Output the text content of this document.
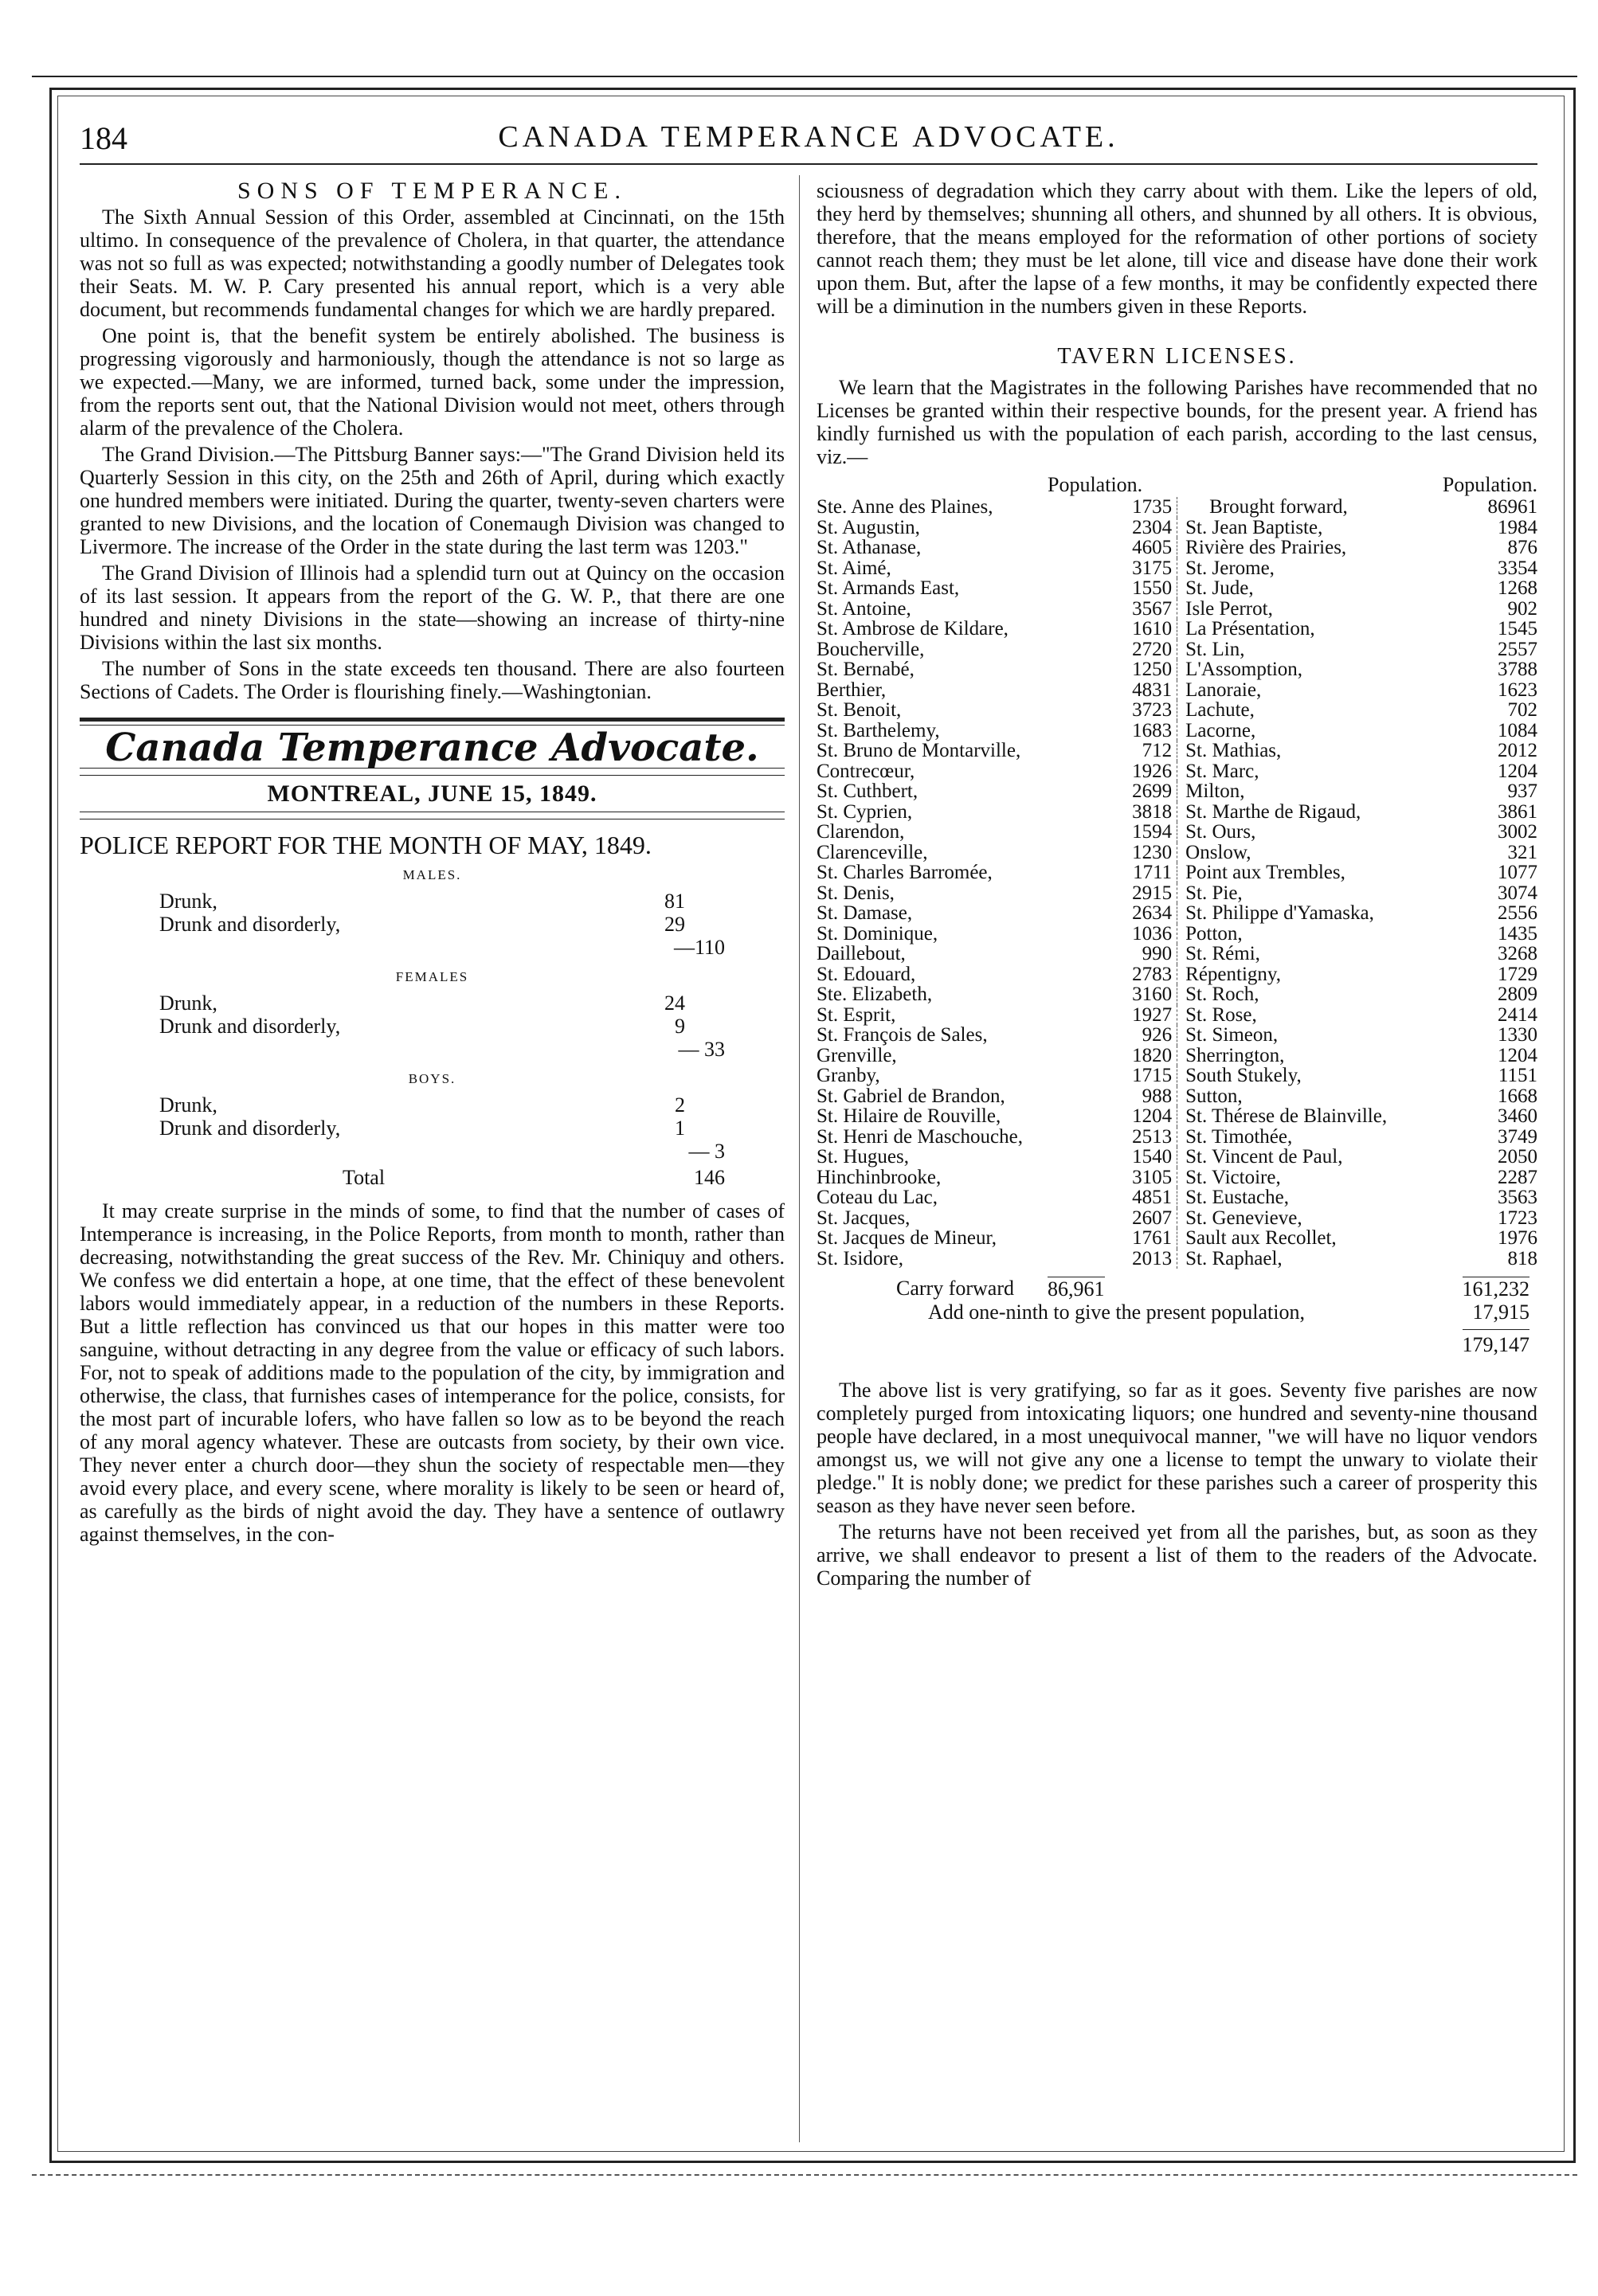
184	CANADA TEMPERANCE ADVOCATE.
SONS OF TEMPERANCE.

The Sixth Annual Session of this Order, assembled at Cincinnati, on the 15th ultimo. In consequence of the prevalence of Cholera, in that quarter, the attendance was not so full as was expected; notwithstanding a goodly number of Delegates took their Seats. M. W. P. Cary presented his annual report, which is a very able document, but recommends fundamental changes for which we are hardly prepared.

One point is, that the benefit system be entirely abolished. The business is progressing vigorously and harmoniously, though the attendance is not so large as we expected.—Many, we are informed, turned back, some under the impression, from the reports sent out, that the National Division would not meet, others through alarm of the prevalence of the Cholera.

The Grand Division.—The Pittsburg Banner says:—"The Grand Division held its Quarterly Session in this city, on the 25th and 26th of April, during which exactly one hundred members were initiated. During the quarter, twenty-seven charters were granted to new Divisions, and the location of Conemaugh Division was changed to Livermore. The increase of the Order in the state during the last term was 1203."

The Grand Division of Illinois had a splendid turn out at Quincy on the occasion of its last session. It appears from the report of the G. W. P., that there are one hundred and ninety Divisions in the state—showing an increase of thirty-nine Divisions within the last six months.

The number of Sons in the state exceeds ten thousand. There are also fourteen Sections of Cadets. The Order is flourishing finely.—Washingtonian.

Canada Temperance Advocate.
MONTREAL, JUNE 15, 1849.
POLICE REPORT FOR THE MONTH OF MAY, 1849.
MALES.
Drunk,	81
Drunk and disorderly,	29
—110
FEMALES
Drunk,	24
Drunk and disorderly,	9
— 33
BOYS.
Drunk,	2
Drunk and disorderly,	1
— 3
Total	146

It may create surprise in the minds of some, to find that the number of cases of Intemperance is increasing, in the Police Reports, from month to month, rather than decreasing, notwithstanding the great success of the Rev. Mr. Chiniquy and others. We confess we did entertain a hope, at one time, that the effect of these benevolent labors would immediately appear, in a reduction of the numbers in these Reports. But a little reflection has convinced us that our hopes in this matter were too sanguine, without detracting in any degree from the value or efficacy of such labors. For, not to speak of additions made to the population of the city, by immigration and otherwise, the class, that furnishes cases of intemperance for the police, consists, for the most part of incurable lofers, who have fallen so low as to be beyond the reach of any moral agency whatever. These are outcasts from society, by their own vice. They never enter a church door—they shun the society of respectable men—they avoid every place, and every scene, where morality is likely to be seen or heard of, as carefully as the birds of night avoid the day. They have a sentence of outlawry against themselves, in the con-

sciousness of degradation which they carry about with them. Like the lepers of old, they herd by themselves; shunning all others, and shunned by all others. It is obvious, therefore, that the means employed for the reformation of other portions of society cannot reach them; they must be let alone, till vice and disease have done their work upon them. But, after the lapse of a few months, it may be confidently expected there will be a diminution in the numbers given in these Reports.

TAVERN LICENSES.

We learn that the Magistrates in the following Parishes have recommended that no Licenses be granted within their respective bounds, for the present year. A friend has kindly furnished us with the population of each parish, according to the last census, viz.—

Population.	Population.
Ste. Anne des Plaines,	1735	Brought forward,	86961
St. Augustin,	2304	St. Jean Baptiste,	1984
St. Athanase,	4605	Rivière des Prairies,	876
St. Aimé,	3175	St. Jerome,	3354
St. Armands East,	1550	St. Jude,	1268
St. Antoine,	3567	Isle Perrot,	902
St. Ambrose de Kildare,	1610	La Présentation,	1545
Boucherville,	2720	St. Lin,	2557
St. Bernabé,	1250	L'Assomption,	3788
Berthier,	4831	Lanoraie,	1623
St. Benoit,	3723	Lachute,	702
St. Barthelemy,	1683	Lacorne,	1084
St. Bruno de Montarville,	712	St. Mathias,	2012
Contrecœur,	1926	St. Marc,	1204
St. Cuthbert,	2699	Milton,	937
St. Cyprien,	3818	St. Marthe de Rigaud,	3861
Clarendon,	1594	St. Ours,	3002
Clarenceville,	1230	Onslow,	321
St. Charles Barromée,	1711	Point aux Trembles,	1077
St. Denis,	2915	St. Pie,	3074
St. Damase,	2634	St. Philippe d'Yamaska,	2556
St. Dominique,	1036	Potton,	1435
Daillebout,	990	St. Rémi,	3268
St. Edouard,	2783	Répentigny,	1729
Ste. Elizabeth,	3160	St. Roch,	2809
St. Esprit,	1927	St. Rose,	2414
St. François de Sales,	926	St. Simeon,	1330
Grenville,	1820	Sherrington,	1204
Granby,	1715	South Stukely,	1151
St. Gabriel de Brandon,	988	Sutton,	1668
St. Hilaire de Rouville,	1204	St. Thérese de Blainville,	3460
St. Henri de Maschouche,	2513	St. Timothée,	3749
St. Hugues,	1540	St. Vincent de Paul,	2050
Hinchinbrooke,	3105	St. Victoire,	2287
Coteau du Lac,	4851	St. Eustache,	3563
St. Jacques,	2607	St. Genevieve,	1723
St. Jacques de Mineur,	1761	Sault aux Recollet,	1976
St. Isidore,	2013	St. Raphael,	818
Carry forward 86,961	161,232
Add one-ninth to give the present population,	17,915
179,147

The above list is very gratifying, so far as it goes. Seventy five parishes are now completely purged from intoxicating liquors; one hundred and seventy-nine thousand people have declared, in a most unequivocal manner, "we will have no liquor vendors amongst us, we will not give any one a license to tempt the unwary to violate their pledge." It is nobly done; we predict for these parishes such a career of prosperity this season as they have never seen before.

The returns have not been received yet from all the parishes, but, as soon as they arrive, we shall endeavor to present a list of them to the readers of the Advocate. Comparing the number of
